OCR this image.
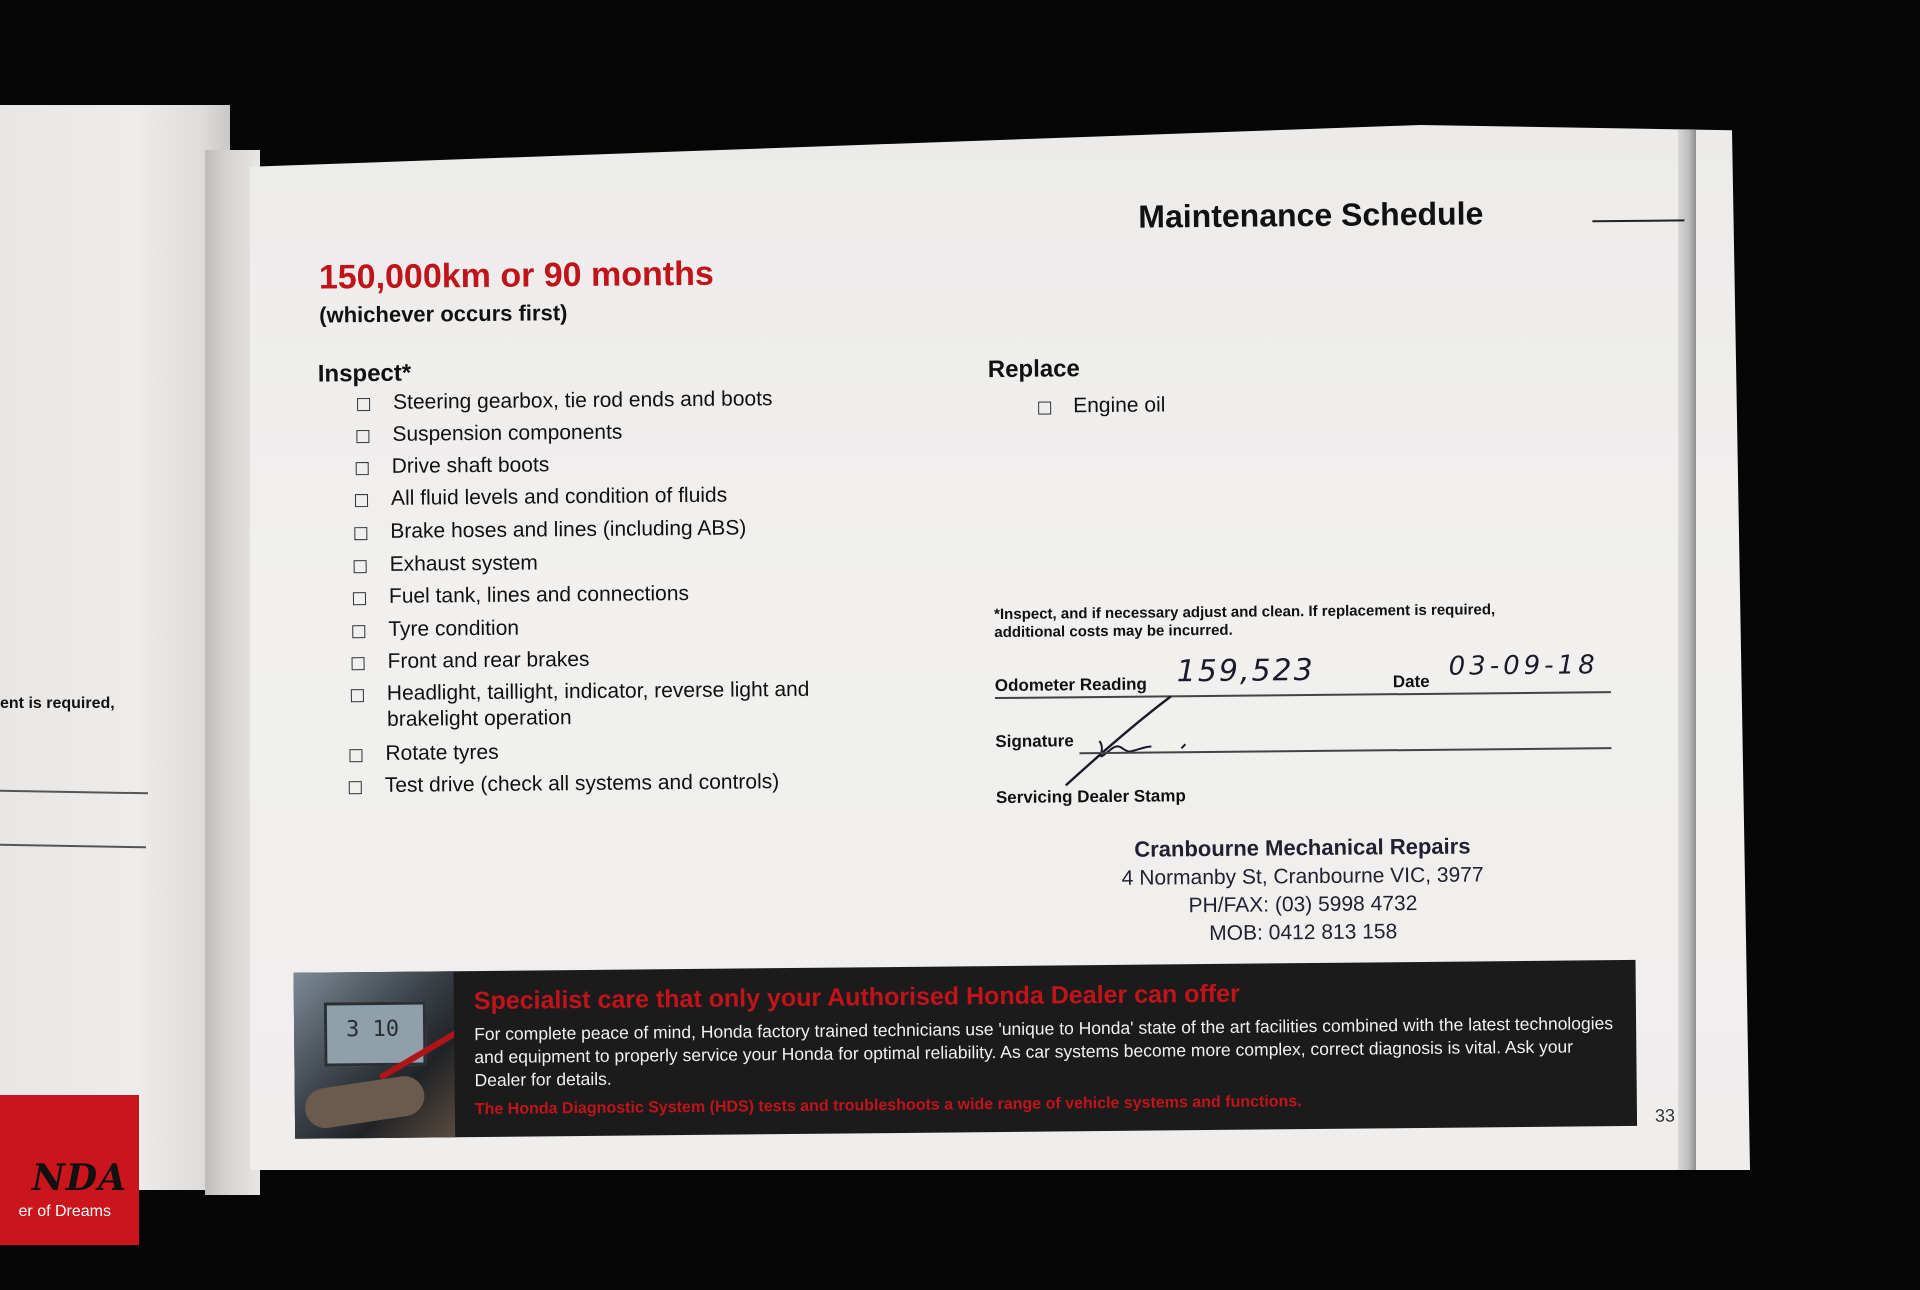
ent is required,
NDA
er of Dreams
Maintenance Schedule
150,000km or 90 months
(whichever occurs first)
Inspect*
Steering gearbox, tie rod ends and boots
Suspension components
Drive shaft boots
All fluid levels and condition of fluids
Brake hoses and lines (including ABS)
Exhaust system
Fuel tank, lines and connections
Tyre condition
Front and rear brakes
Headlight, taillight, indicator, reverse light and
brakelight operation
Rotate tyres
Test drive (check all systems and controls)
Replace
Engine oil
*Inspect, and if necessary adjust and clean. If replacement is required,
additional costs may be incurred.
Odometer Reading 159,523	Date 03-09-18
Signature
Servicing Dealer Stamp
Cranbourne Mechanical Repairs
4 Normanby St, Cranbourne VIC, 3977
PH/FAX: (03) 5998 4732
MOB: 0412 813 158
3 10
Specialist care that only your Authorised Honda Dealer can offer
For complete peace of mind, Honda factory trained technicians use 'unique to Honda' state of the art facilities combined with the latest technologies and equipment to properly service your Honda for optimal reliability. As car systems become more complex, correct diagnosis is vital. Ask your Dealer for details.
The Honda Diagnostic System (HDS) tests and troubleshoots a wide range of vehicle systems and functions.	33
